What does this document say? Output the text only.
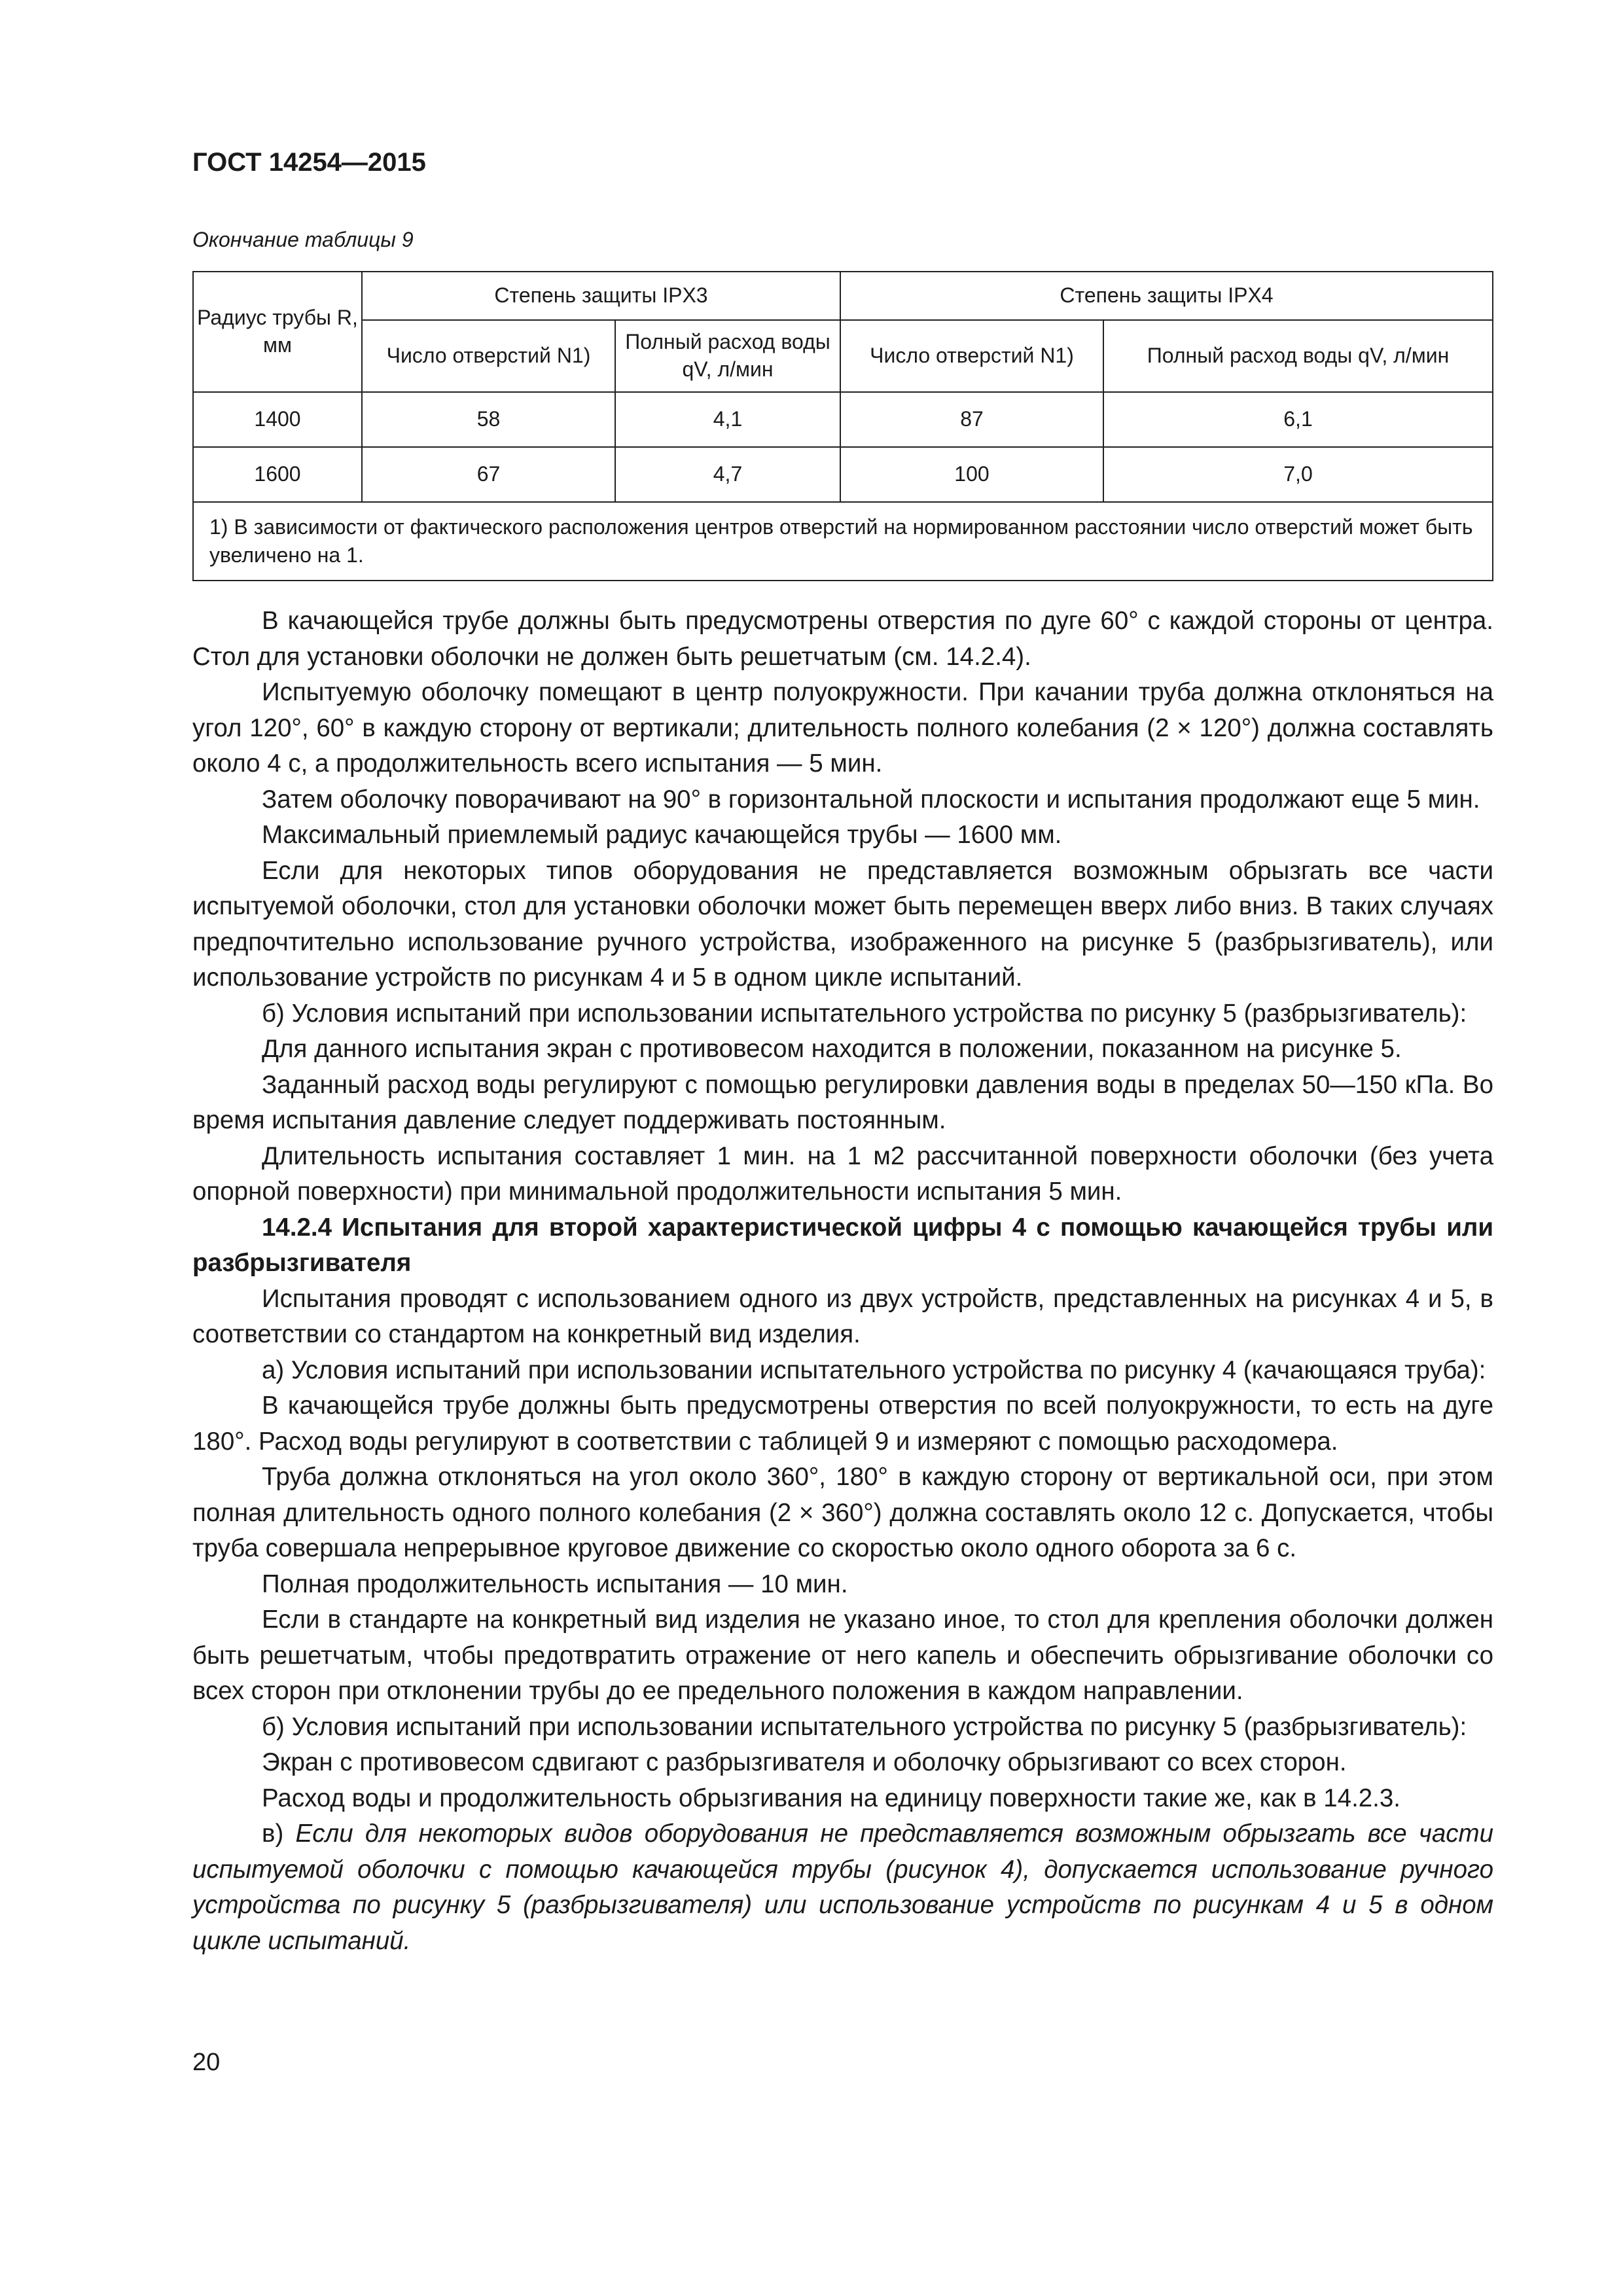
ГОСТ 14254—2015
Окончание таблицы 9
Радиус трубы R, мм	Степень защиты IPX3		Степень защиты IPX4	
	Число отверстий N1)	Полный расход воды qV, л/мин	Число отверстий N1)	Полный расход воды qV, л/мин
1400	58	4,1	87	6,1
1600	67	4,7	100	7,0
1) В зависимости от фактического расположения центров отверстий на нормированном расстоянии число отверстий может быть увеличено на 1.				

В качающейся трубе должны быть предусмотрены отверстия по дуге 60° с каждой стороны от центра. Стол для установки оболочки не должен быть решетчатым (см. 14.2.4).

Испытуемую оболочку помещают в центр полуокружности. При качании труба должна отклоняться на угол 120°, 60° в каждую сторону от вертикали; длительность полного колебания (2 × 120°) должна составлять около 4 с, а продолжительность всего испытания — 5 мин.

Затем оболочку поворачивают на 90° в горизонтальной плоскости и испытания продолжают еще 5 мин.

Максимальный приемлемый радиус качающейся трубы — 1600 мм.

Если для некоторых типов оборудования не представляется возможным обрызгать все части испытуемой оболочки, стол для установки оболочки может быть перемещен вверх либо вниз. В таких случаях предпочтительно использование ручного устройства, изображенного на рисунке 5 (разбрызгиватель), или использование устройств по рисункам 4 и 5 в одном цикле испытаний.

б) Условия испытаний при использовании испытательного устройства по рисунку 5 (разбрызгиватель):

Для данного испытания экран с противовесом находится в положении, показанном на рисунке 5.

Заданный расход воды регулируют с помощью регулировки давления воды в пределах 50—150 кПа. Во время испытания давление следует поддерживать постоянным.

Длительность испытания составляет 1 мин. на 1 м2 рассчитанной поверхности оболочки (без учета опорной поверхности) при минимальной продолжительности испытания 5 мин.

14.2.4 Испытания для второй характеристической цифры 4 с помощью качающейся трубы или разбрызгивателя

Испытания проводят с использованием одного из двух устройств, представленных на рисунках 4 и 5, в соответствии со стандартом на конкретный вид изделия.

а) Условия испытаний при использовании испытательного устройства по рисунку 4 (качающаяся труба):

В качающейся трубе должны быть предусмотрены отверстия по всей полуокружности, то есть на дуге 180°. Расход воды регулируют в соответствии с таблицей 9 и измеряют с помощью расходомера.

Труба должна отклоняться на угол около 360°, 180° в каждую сторону от вертикальной оси, при этом полная длительность одного полного колебания (2 × 360°) должна составлять около 12 с. Допускается, чтобы труба совершала непрерывное круговое движение со скоростью около одного оборота за 6 с.

Полная продолжительность испытания — 10 мин.

Если в стандарте на конкретный вид изделия не указано иное, то стол для крепления оболочки должен быть решетчатым, чтобы предотвратить отражение от него капель и обеспечить обрызгивание оболочки со всех сторон при отклонении трубы до ее предельного положения в каждом направлении.

б) Условия испытаний при использовании испытательного устройства по рисунку 5 (разбрызгиватель):

Экран с противовесом сдвигают с разбрызгивателя и оболочку обрызгивают со всех сторон.

Расход воды и продолжительность обрызгивания на единицу поверхности такие же, как в 14.2.3.

в) Если для некоторых видов оборудования не представляется возможным обрызгать все части испытуемой оболочки с помощью качающейся трубы (рисунок 4), допускается использование ручного устройства по рисунку 5 (разбрызгивателя) или использование устройств по рисункам 4 и 5 в одном цикле испытаний.

20
